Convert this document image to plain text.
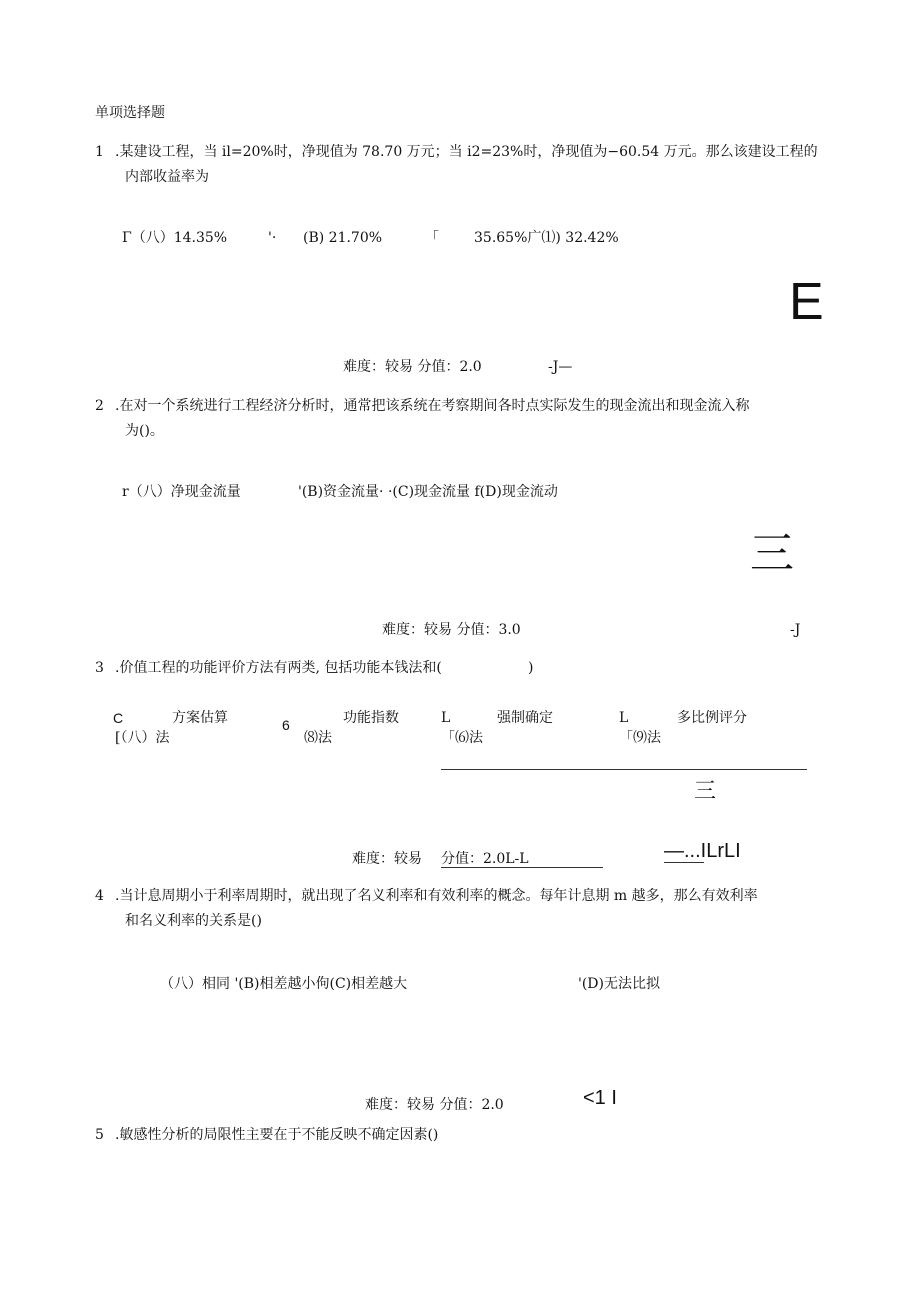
单项选择题
1 .某建设工程，当 il=20%时，净现值为 78.70 万元；当 i2=23%时，净现值为−60.54 万元。那么该建设工程的
内部收益率为
Γ（八）14.35%	'· (B) 21.70%	「	35.65%广⑴) 32.42%
E
难度：较易 分值：2.0	-J—
2 .在对一个系统进行工程经济分析时，通常把该系统在考察期间各时点实际发生的现金流出和现金流入称
为()。
r（八）净现金流量	'(B)资金流量· ·(C)现金流量 f(D)现金流动
三
难度：较易 分值：3.0	-J
3 .价值工程的功能评价方法有两类, 包括功能本钱法和(	)
C	方案估算
[（八）法
6	功能指数
⑻法
L	强制确定
「⑹法
L	多比例评分
「⑼法
三
难度：较易 分值：2.0L-L	—...ILrLI
4 .当计息周期小于利率周期时，就出现了名义利率和有效利率的概念。每年计息期 m 越多，那么有效利率
和名义利率的关系是()
（八）相同 '(B)相差越小佝(C)相差越大	'(D)无法比拟
难度：较易 分值：2.0	<1 I
5 .敏感性分析的局限性主要在于不能反映不确定因素()
